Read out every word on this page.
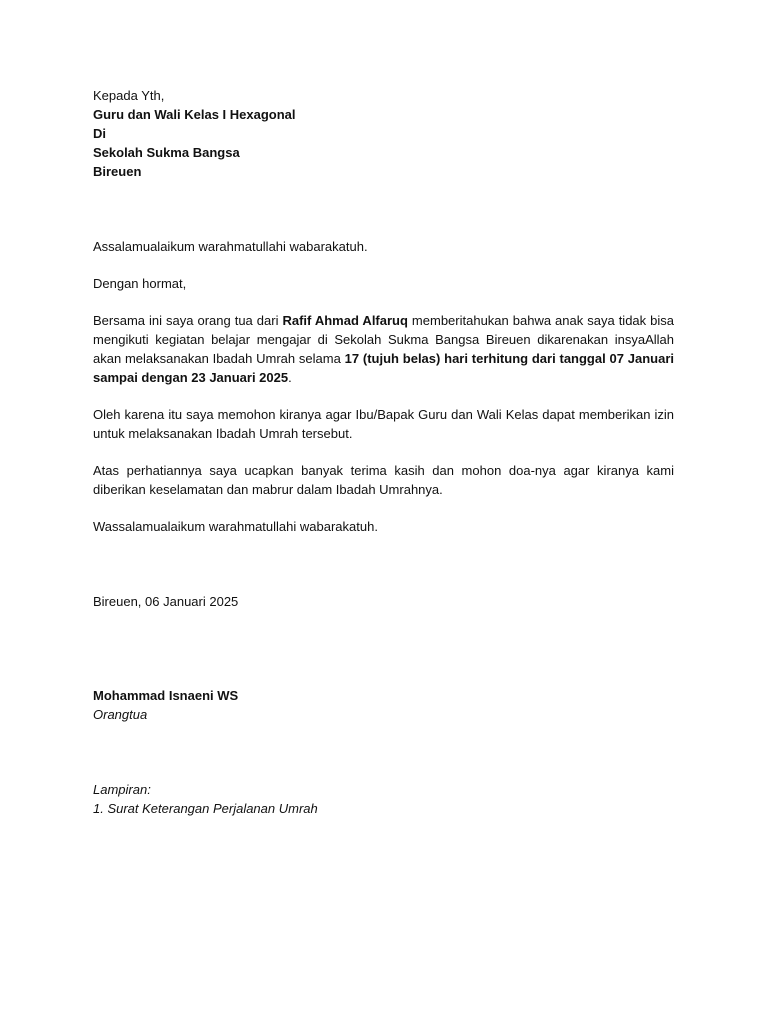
Kepada Yth,
Guru dan Wali Kelas I Hexagonal
Di
Sekolah Sukma Bangsa
Bireuen
Assalamualaikum warahmatullahi wabarakatuh.
Dengan hormat,

Bersama ini saya orang tua dari Rafif Ahmad Alfaruq memberitahukan bahwa anak saya tidak bisa mengikuti kegiatan belajar mengajar di Sekolah Sukma Bangsa Bireuen dikarenakan insyaAllah akan melaksanakan Ibadah Umrah selama 17 (tujuh belas) hari terhitung dari tanggal 07 Januari sampai dengan 23 Januari 2025.

Oleh karena itu saya memohon kiranya agar Ibu/Bapak Guru dan Wali Kelas dapat memberikan izin untuk melaksanakan Ibadah Umrah tersebut.

Atas perhatiannya saya ucapkan banyak terima kasih dan mohon doa-nya agar kiranya kami diberikan keselamatan dan mabrur dalam Ibadah Umrahnya.

Wassalamualaikum warahmatullahi wabarakatuh.
Bireuen, 06 Januari 2025
Mohammad Isnaeni WS
Orangtua
Lampiran:
1. Surat Keterangan Perjalanan Umrah
